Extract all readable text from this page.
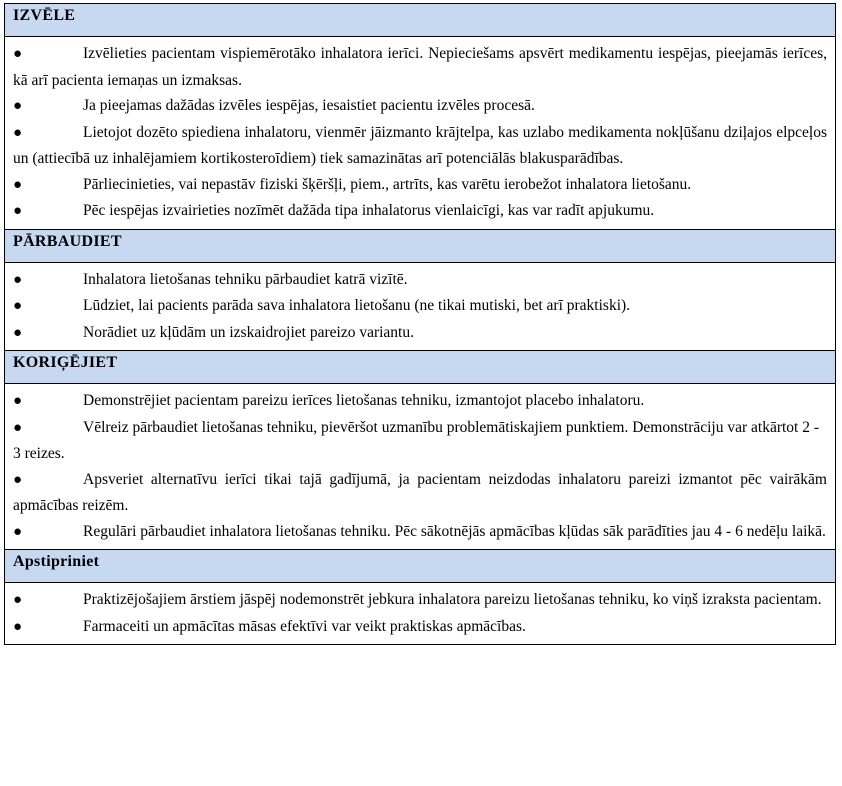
IZVĒLE

●	Izvēlieties pacientam vispiemērotāko inhalatora ierīci. Nepieciešams apsvērt medikamentu iespējas, pieejamās ierīces, kā arī pacienta iemaņas un izmaksas.
●	Ja pieejamas dažādas izvēles iespējas, iesaistiet pacientu izvēles procesā.
●	Lietojot dozēto spiediena inhalatoru, vienmēr jāizmanto krājtelpa, kas uzlabo medikamenta nokļūšanu dziļajos elpceļos un (attiecībā uz inhalējamiem kortikosteroīdiem) tiek samazinātas arī potenciālās blakusparādības.
●	Pārliecinieties, vai nepastāv fiziski šķēršļi, piem., artrīts, kas varētu ierobežot inhalatora lietošanu.
●	Pēc iespējas izvairieties nozīmēt dažāda tipa inhalatorus vienlaicīgi, kas var radīt apjukumu.

PĀRBAUDIET

●	Inhalatora lietošanas tehniku pārbaudiet katrā vizītē.
●	Lūdziet, lai pacients parāda sava inhalatora lietošanu (ne tikai mutiski, bet arī praktiski).
●	Norādiet uz kļūdām un izskaidrojiet pareizo variantu.

KORIĢĒJIET

●	Demonstrējiet pacientam pareizu ierīces lietošanas tehniku, izmantojot placebo inhalatoru.
●	Vēlreiz pārbaudiet lietošanas tehniku, pievēršot uzmanību problemātiskajiem punktiem. Demonstrāciju var atkārtot 2 - 3 reizes.
●	Apsveriet alternatīvu ierīci tikai tajā gadījumā, ja pacientam neizdodas inhalatoru pareizi izmantot pēc vairākām apmācības reizēm.
●	Regulāri pārbaudiet inhalatora lietošanas tehniku. Pēc sākotnējās apmācības kļūdas sāk parādīties jau 4 - 6 nedēļu laikā.

Apstipriniet

●	Praktizējošajiem ārstiem jāspēj nodemonstrēt jebkura inhalatora pareizu lietošanas tehniku, ko viņš izraksta pacientam.
●	Farmaceiti un apmācītas māsas efektīvi var veikt praktiskas apmācības.
